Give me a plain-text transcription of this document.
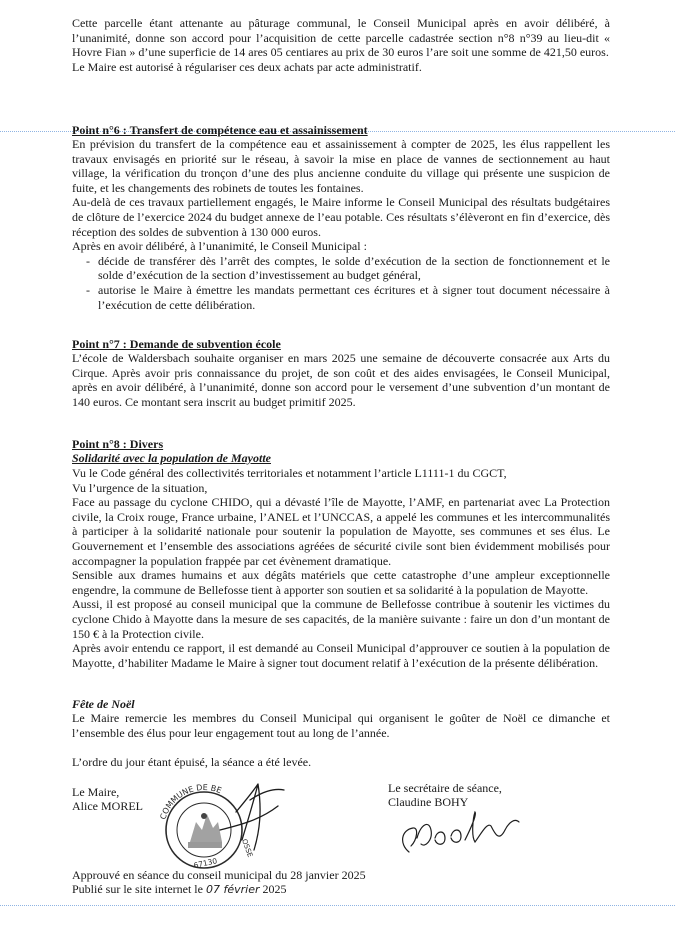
Cette parcelle étant attenante au pâturage communal, le Conseil Municipal après en avoir délibéré, à l’unanimité, donne son accord pour l’acquisition de cette parcelle cadastrée section n°8 n°39 au lieu-dit « Hovre Fian » d’une superficie de 14 ares 05 centiares au prix de 30 euros l’are soit une somme de 421,50 euros.

Le Maire est autorisé à régulariser ces deux achats par acte administratif.

Point n°6 : Transfert de compétence eau et assainissement

En prévision du transfert de la compétence eau et assainissement à compter de 2025, les élus rappellent les travaux envisagés en priorité sur le réseau, à savoir la mise en place de vannes de sectionnement au haut village, la vérification du tronçon d’une des plus ancienne conduite du village qui présente une suspicion de fuite, et les changements des robinets de toutes les fontaines.

Au-delà de ces travaux partiellement engagés, le Maire informe le Conseil Municipal des résultats budgétaires de clôture de l’exercice 2024 du budget annexe de l’eau potable. Ces résultats s’élèveront en fin d’exercice, dès réception des soldes de subvention à 130 000 euros.

Après en avoir délibéré, à l’unanimité, le Conseil Municipal :

- décide de transférer dès l’arrêt des comptes, le solde d’exécution de la section de fonctionnement et le solde d’exécution de la section d’investissement au budget général,
- autorise le Maire à émettre les mandats permettant ces écritures et à signer tout document nécessaire à l’exécution de cette délibération.
Point n°7 : Demande de subvention école

L’école de Waldersbach souhaite organiser en mars 2025 une semaine de découverte consacrée aux Arts du Cirque. Après avoir pris connaissance du projet, de son coût et des aides envisagées, le Conseil Municipal, après en avoir délibéré, à l’unanimité, donne son accord pour le versement d’une subvention d’un montant de 140 euros. Ce montant sera inscrit au budget primitif 2025.

Point n°8 : Divers
Solidarité avec la population de Mayotte

Vu le Code général des collectivités territoriales et notamment l’article L1111-1 du CGCT,

Vu l’urgence de la situation,

Face au passage du cyclone CHIDO, qui a dévasté l’île de Mayotte, l’AMF, en partenariat avec La Protection civile, la Croix rouge, France urbaine, l’ANEL et l’UNCCAS, a appelé les communes et les intercommunalités à participer à la solidarité nationale pour soutenir la population de Mayotte, ses communes et ses élus. Le Gouvernement et l’ensemble des associations agréées de sécurité civile sont bien évidemment mobilisés pour accompagner la population frappée par cet évènement dramatique.

Sensible aux drames humains et aux dégâts matériels que cette catastrophe d’une ampleur exceptionnelle engendre, la commune de Bellefosse tient à apporter son soutien et sa solidarité à la population de Mayotte.

Aussi, il est proposé au conseil municipal que la commune de Bellefosse contribue à soutenir les victimes du cyclone Chido à Mayotte dans la mesure de ses capacités, de la manière suivante : faire un don d’un montant de 150 € à la Protection civile.

Après avoir entendu ce rapport, il est demandé au Conseil Municipal d’approuver ce soutien à la population de Mayotte, d’habiliter Madame le Maire à signer tout document relatif à l’exécution de la présente délibération.

Fête de Noël

Le Maire remercie les membres du Conseil Municipal qui organisent le goûter de Noël ce dimanche et l’ensemble des élus pour leur engagement tout au long de l’année.

L’ordre du jour étant épuisé, la séance a été levée.

Le Maire,
Alice MOREL
COMMUNE DE BE
OSSE
67130
Le secrétaire de séance,
Claudine BOHY
Approuvé en séance du conseil municipal du 28 janvier 2025
Publié sur le site internet le 07 février 2025
